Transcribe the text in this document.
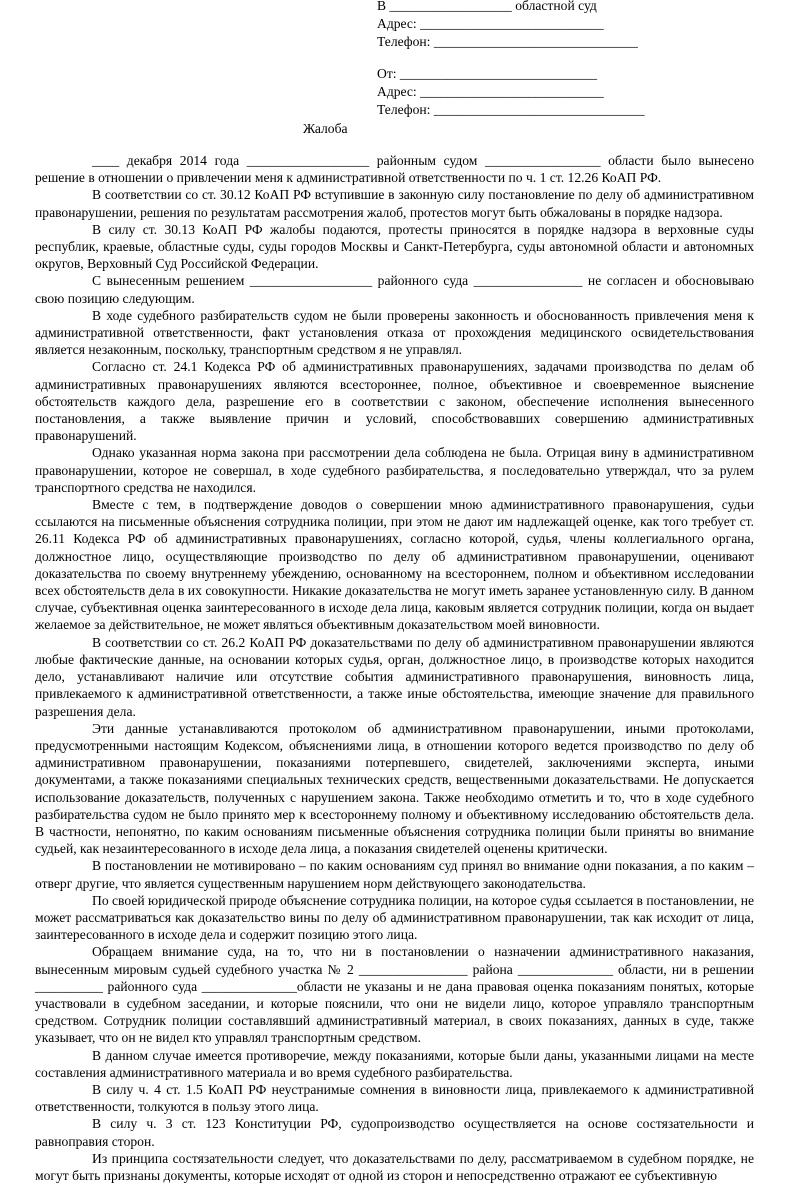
В __________________ областной суд
Адрес: ___________________________
Телефон: ______________________________
От: _____________________________
Адрес: ___________________________
Телефон: _______________________________
Жалоба

____ декабря 2014 года __________________ районным судом _________________ области было вынесено решение в отношении о привлечении меня к административной ответственности по ч. 1 ст. 12.26 КоАП РФ.

В соответствии со ст. 30.12 КоАП РФ вступившие в законную силу постановление по делу об административном правонарушении, решения по результатам рассмотрения жалоб, протестов могут быть обжалованы в порядке надзора.

В силу ст. 30.13 КоАП РФ жалобы подаются, протесты приносятся в порядке надзора в верховные суды республик, краевые, областные суды, суды городов Москвы и Санкт-Петербурга, суды автономной области и автономных округов, Верховный Суд Российской Федерации.

С вынесенным решением __________________ районного суда ________________ не согласен и обосновываю свою позицию следующим.

В ходе судебного разбирательств судом не были проверены законность и обоснованность привлечения меня к административной ответственности, факт установления отказа от прохождения медицинского освидетельствования является незаконным, поскольку, транспортным средством я не управлял.

Согласно ст. 24.1 Кодекса РФ об административных правонарушениях, задачами производства по делам об административных правонарушениях являются всестороннее, полное, объективное и своевременное выяснение обстоятельств каждого дела, разрешение его в соответствии с законом, обеспечение исполнения вынесенного постановления, а также выявление причин и условий, способствовавших совершению административных правонарушений.

Однако указанная норма закона при рассмотрении дела соблюдена не была. Отрицая вину в административном правонарушении, которое не совершал, в ходе судебного разбирательства, я последовательно утверждал, что за рулем транспортного средства не находился.

Вместе с тем, в подтверждение доводов о совершении мною административного правонарушения, судьи ссылаются на письменные объяснения сотрудника полиции, при этом не дают им надлежащей оценке, как того требует ст. 26.11 Кодекса РФ об административных правонарушениях, согласно которой, судья, члены коллегиального органа, должностное лицо, осуществляющие производство по делу об административном правонарушении, оценивают доказательства по своему внутреннему убеждению, основанному на всестороннем, полном и объективном исследовании всех обстоятельств дела в их совокупности. Никакие доказательства не могут иметь заранее установленную силу. В данном случае, субъективная оценка заинтересованного в исходе дела лица, каковым является сотрудник полиции, когда он выдает желаемое за действительное, не может являться объективным доказательством моей виновности.

В соответствии со ст. 26.2 КоАП РФ доказательствами по делу об административном правонарушении являются любые фактические данные, на основании которых судья, орган, должностное лицо, в производстве которых находится дело, устанавливают наличие или отсутствие события административного правонарушения, виновность лица, привлекаемого к административной ответственности, а также иные обстоятельства, имеющие значение для правильного разрешения дела.

Эти данные устанавливаются протоколом об административном правонарушении, иными протоколами, предусмотренными настоящим Кодексом, объяснениями лица, в отношении которого ведется производство по делу об административном правонарушении, показаниями потерпевшего, свидетелей, заключениями эксперта, иными документами, а также показаниями специальных технических средств, вещественными доказательствами. Не допускается использование доказательств, полученных с нарушением закона. Также необходимо отметить и то, что в ходе судебного разбирательства судом не было принято мер к всестороннему полному и объективному исследованию обстоятельств дела. В частности, непонятно, по каким основаниям письменные объяснения сотрудника полиции были приняты во внимание судьей, как незаинтересованного в исходе дела лица, а показания свидетелей оценены критически.

В постановлении не мотивировано – по каким основаниям суд принял во внимание одни показания, а по каким – отверг другие, что является существенным нарушением норм действующего законодательства.

По своей юридической природе объяснение сотрудника полиции, на которое судья ссылается в постановлении, не может рассматриваться как доказательство вины по делу об административном правонарушении, так как исходит от лица, заинтересованного в исходе дела и содержит позицию этого лица.

Обращаем внимание суда, на то, что ни в постановлении о назначении административного наказания, вынесенным мировым судьей судебного участка № 2 ________________ района ______________ области, ни в решении __________ районного суда ______________области не указаны и не дана правовая оценка показаниям понятых, которые участвовали в судебном заседании, и которые пояснили, что они не видели лицо, которое управляло транспортным средством. Сотрудник полиции составлявший административный материал, в своих показаниях, данных в суде, также указывает, что он не видел кто управлял транспортным средством.

В данном случае имеется противоречие, между показаниями, которые были даны, указанными лицами на месте составления административного материала и во время судебного разбирательства.

В силу ч. 4 ст. 1.5 КоАП РФ неустранимые сомнения в виновности лица, привлекаемого к административной ответственности, толкуются в пользу этого лица.

В силу ч. 3 ст. 123 Конституции РФ, судопроизводство осуществляется на основе состязательности и равноправия сторон.

Из принципа состязательности следует, что доказательствами по делу, рассматриваемом в судебном порядке, не могут быть признаны документы, которые исходят от одной из сторон и непосредственно отражают ее субъективную
